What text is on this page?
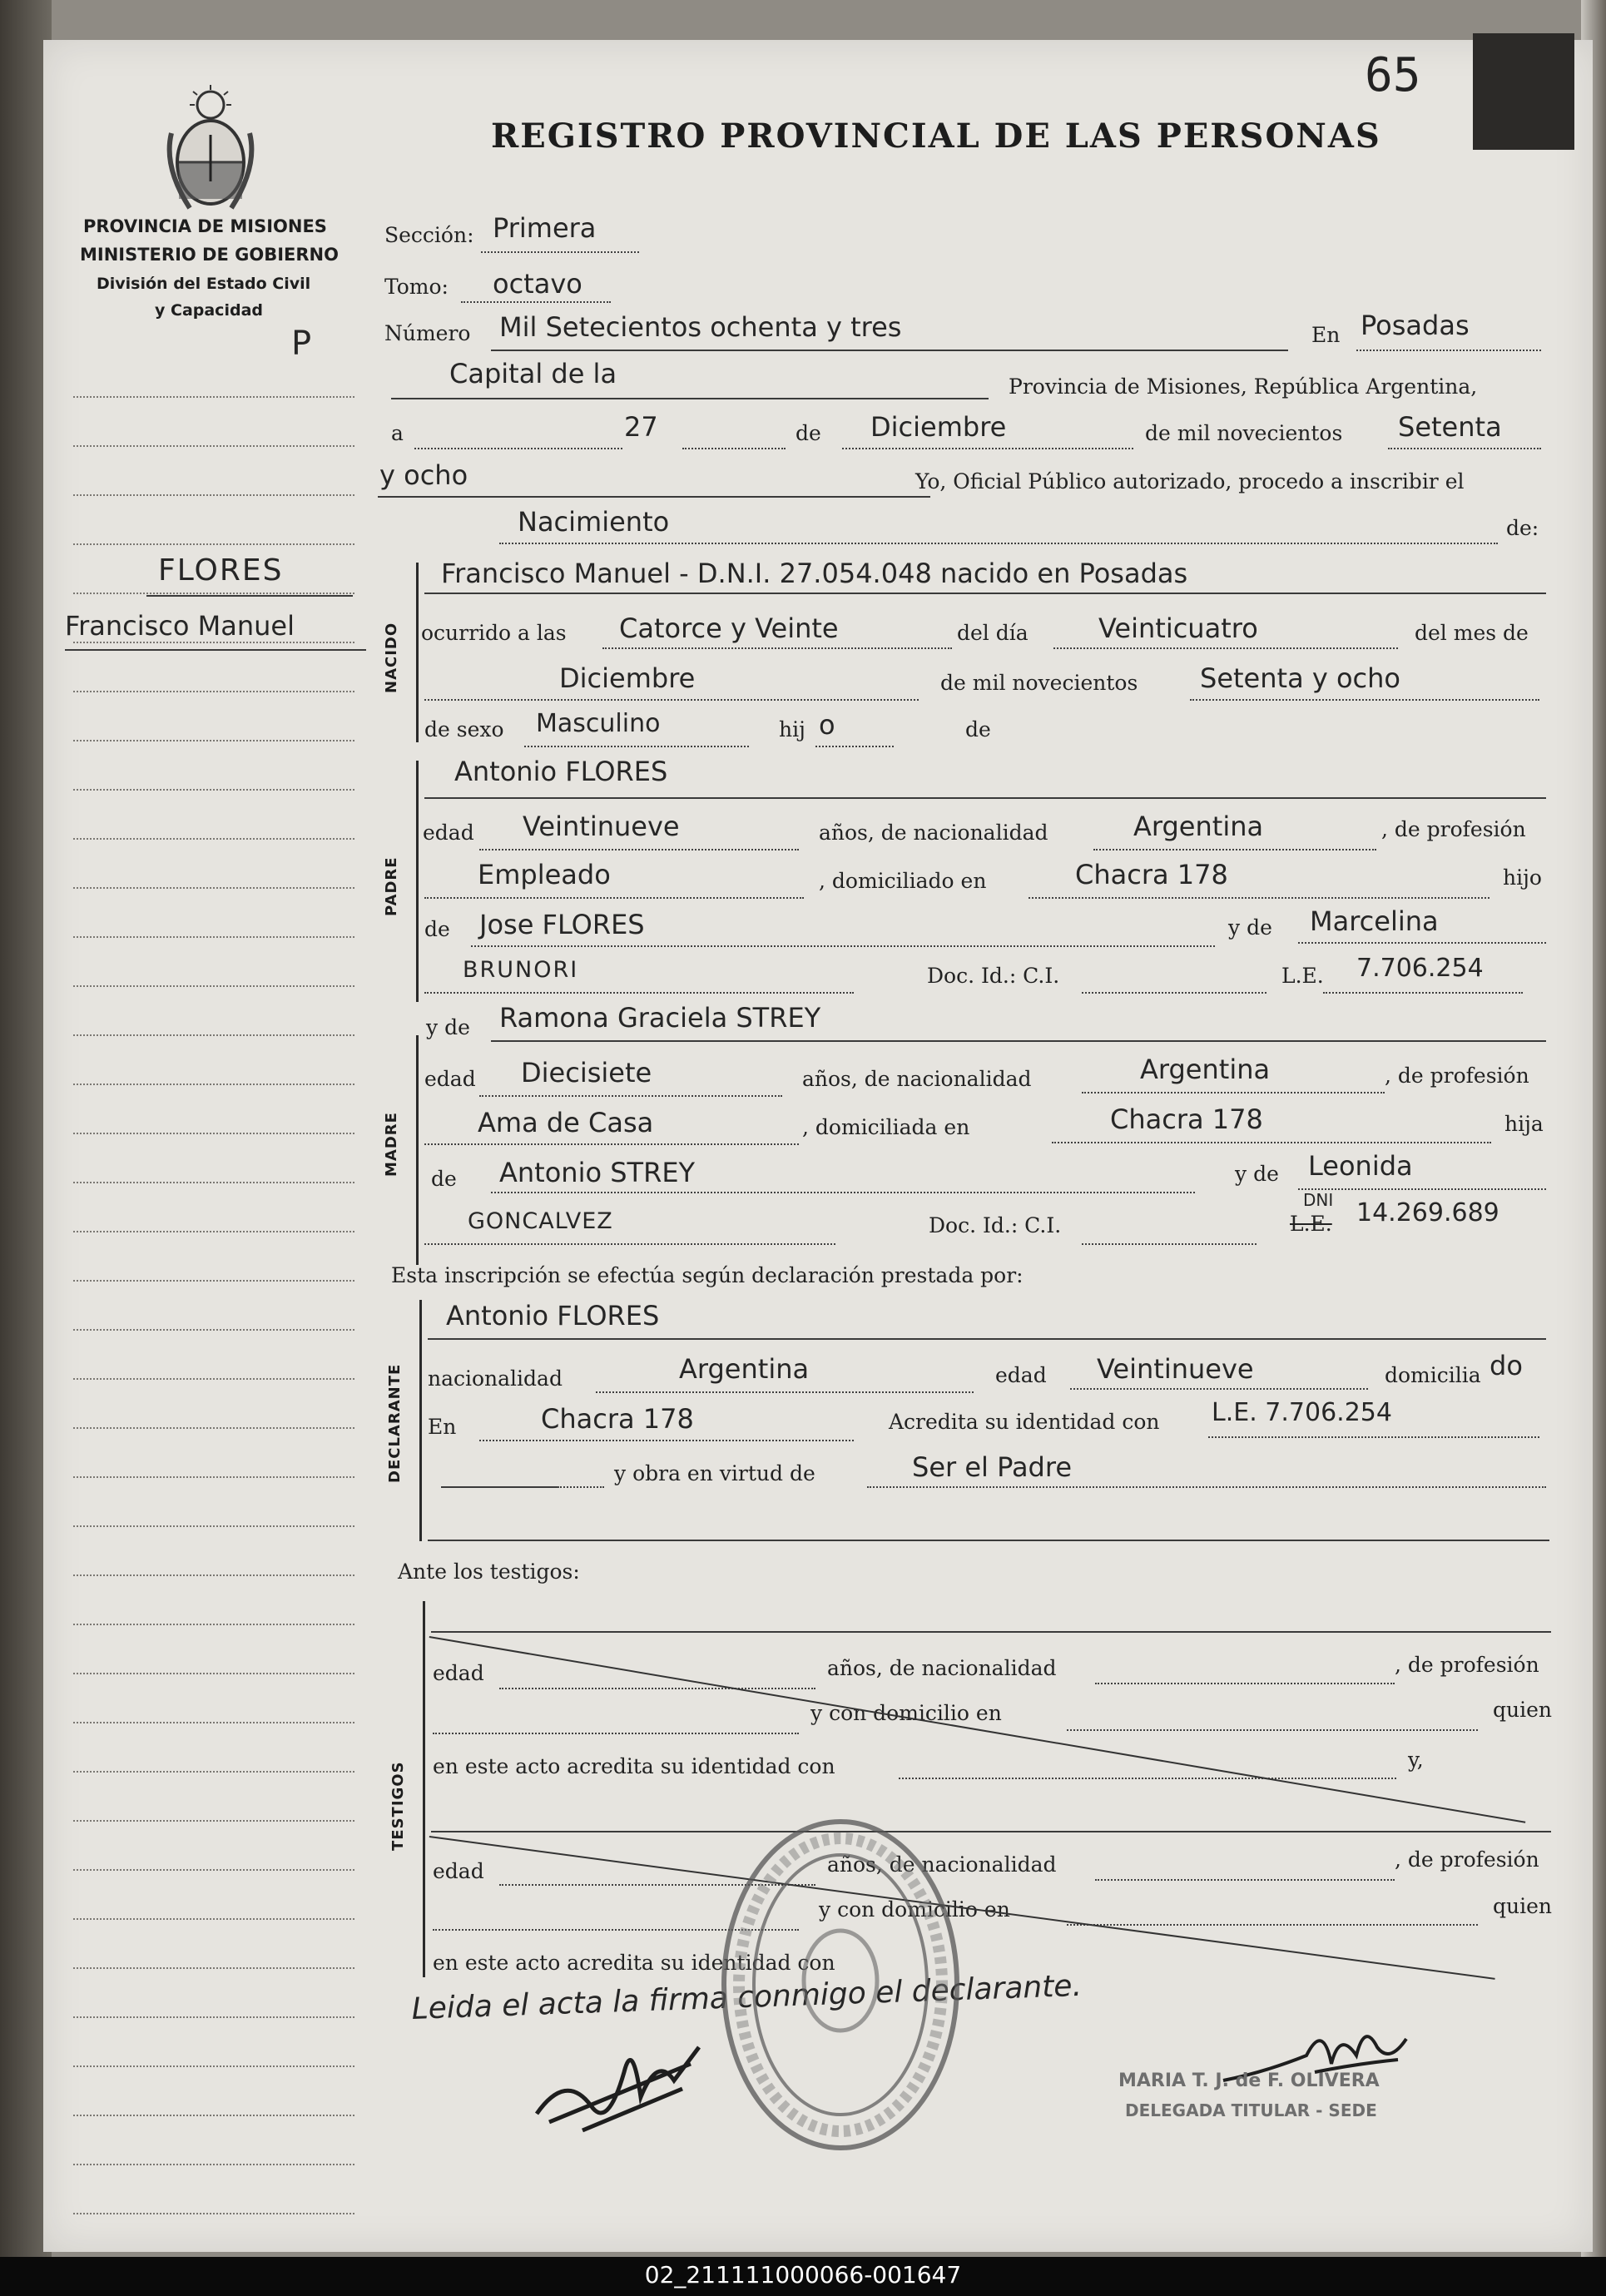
65
REGISTRO PROVINCIAL DE LAS PERSONAS
PROVINCIA DE MISIONES
MINISTERIO DE GOBIERNO
División del Estado Civil
y Capacidad
P
FLORES
Francisco Manuel
Sección: Primera
Tomo: octavo
Número Mil Setecientos ochenta y tres	En Posadas
Capital de la	Provincia de Misiones, República Argentina,
a	27	de Diciembre	de mil novecientos Setenta
y ocho	Yo, Oficial Público autorizado, procedo a inscribir el
Nacimiento	de:
NACIDO
Francisco Manuel - D.N.I. 27.054.048 nacido en Posadas
ocurrido a las Catorce y Veinte	del día	Veinticuatro	del mes de
Diciembre	de mil novecientos Setenta y ocho
de sexo Masculino	hij o	de
PADRE
Antonio FLORES
edad Veintinueve	años, de nacionalidad	Argentina	, de profesión
Empleado	, domiciliado en	Chacra 178	hijo
de Jose FLORES	y de Marcelina
BRUNORI	Doc. Id.: C.I.	L.E. 7.706.254
MADRE
y de Ramona Graciela STREY
edad Diecisiete	años, de nacionalidad	Argentina	, de profesión
Ama de Casa	, domiciliada en	Chacra 178	hija
de Antonio STREY	y de Leonida
GONCALVEZ	Doc. Id.: C.I.
DNI
L.E. 14.269.689
Esta inscripción se efectúa según declaración prestada por:
DECLARANTE
Antonio FLORES
nacionalidad	Argentina	edad Veintinueve	domicilia do
En	Chacra 178	Acredita su identidad con L.E. 7.706.254
y obra en virtud de	Ser el Padre
Ante los testigos:
TESTIGOS
edad	años, de nacionalidad	, de profesión
y con domicilio en	quien
en este acto acredita su identidad con	y,
edad	años, de nacionalidad	, de profesión
y con domicilio en	quien
en este acto acredita su identidad con
Leida el acta la firma conmigo el declarante.
MARIA T. J. de F. OLIVERA
DELEGADA TITULAR - SEDE
02_211111000066-001647
